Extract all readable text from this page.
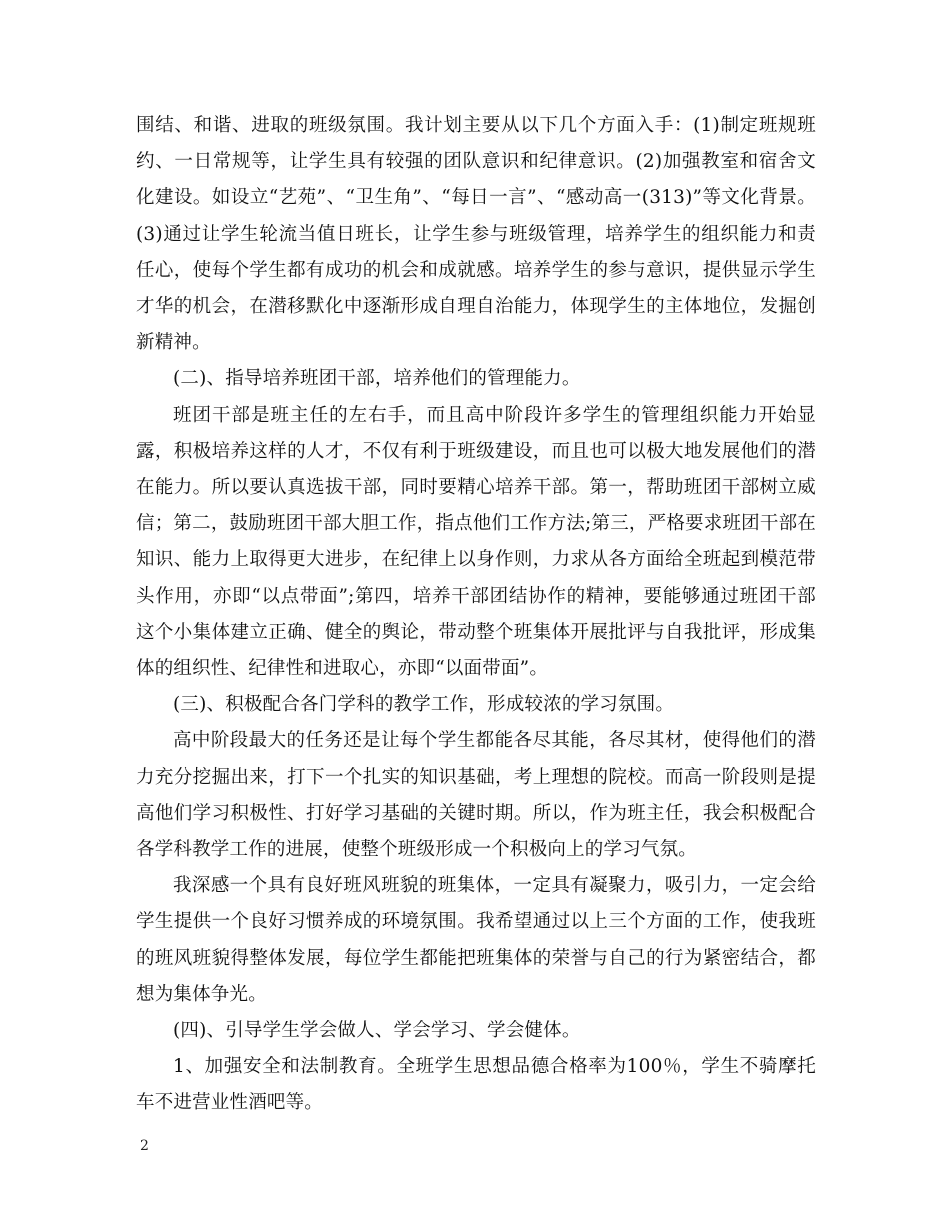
围结、和谐、进取的班级氛围。我计划主要从以下几个方面入手：(1)制定班规班约、一日常规等，让学生具有较强的团队意识和纪律意识。(2)加强教室和宿舍文化建设。如设立“艺苑”、“卫生角”、“每日一言”、“感动高一(313)”等文化背景。(3)通过让学生轮流当值日班长，让学生参与班级管理，培养学生的组织能力和责任心，使每个学生都有成功的机会和成就感。培养学生的参与意识，提供显示学生才华的机会，在潜移默化中逐渐形成自理自治能力，体现学生的主体地位，发掘创新精神。

(二)、指导培养班团干部，培养他们的管理能力。

班团干部是班主任的左右手，而且高中阶段许多学生的管理组织能力开始显露，积极培养这样的人才，不仅有利于班级建设，而且也可以极大地发展他们的潜在能力。所以要认真选拔干部，同时要精心培养干部。第一，帮助班团干部树立威信；第二，鼓励班团干部大胆工作，指点他们工作方法;第三，严格要求班团干部在知识、能力上取得更大进步，在纪律上以身作则，力求从各方面给全班起到模范带头作用，亦即“以点带面”;第四，培养干部团结协作的精神，要能够通过班团干部这个小集体建立正确、健全的舆论，带动整个班集体开展批评与自我批评，形成集体的组织性、纪律性和进取心，亦即“以面带面”。

(三)、积极配合各门学科的教学工作，形成较浓的学习氛围。

高中阶段最大的任务还是让每个学生都能各尽其能，各尽其材，使得他们的潜力充分挖掘出来，打下一个扎实的知识基础，考上理想的院校。而高一阶段则是提高他们学习积极性、打好学习基础的关键时期。所以，作为班主任，我会积极配合各学科教学工作的进展，使整个班级形成一个积极向上的学习气氛。

我深感一个具有良好班风班貌的班集体，一定具有凝聚力，吸引力，一定会给学生提供一个良好习惯养成的环境氛围。我希望通过以上三个方面的工作，使我班的班风班貌得整体发展，每位学生都能把班集体的荣誉与自己的行为紧密结合，都想为集体争光。

(四)、引导学生学会做人、学会学习、学会健体。

1、加强安全和法制教育。全班学生思想品德合格率为100％，学生不骑摩托车不进营业性酒吧等。

2
